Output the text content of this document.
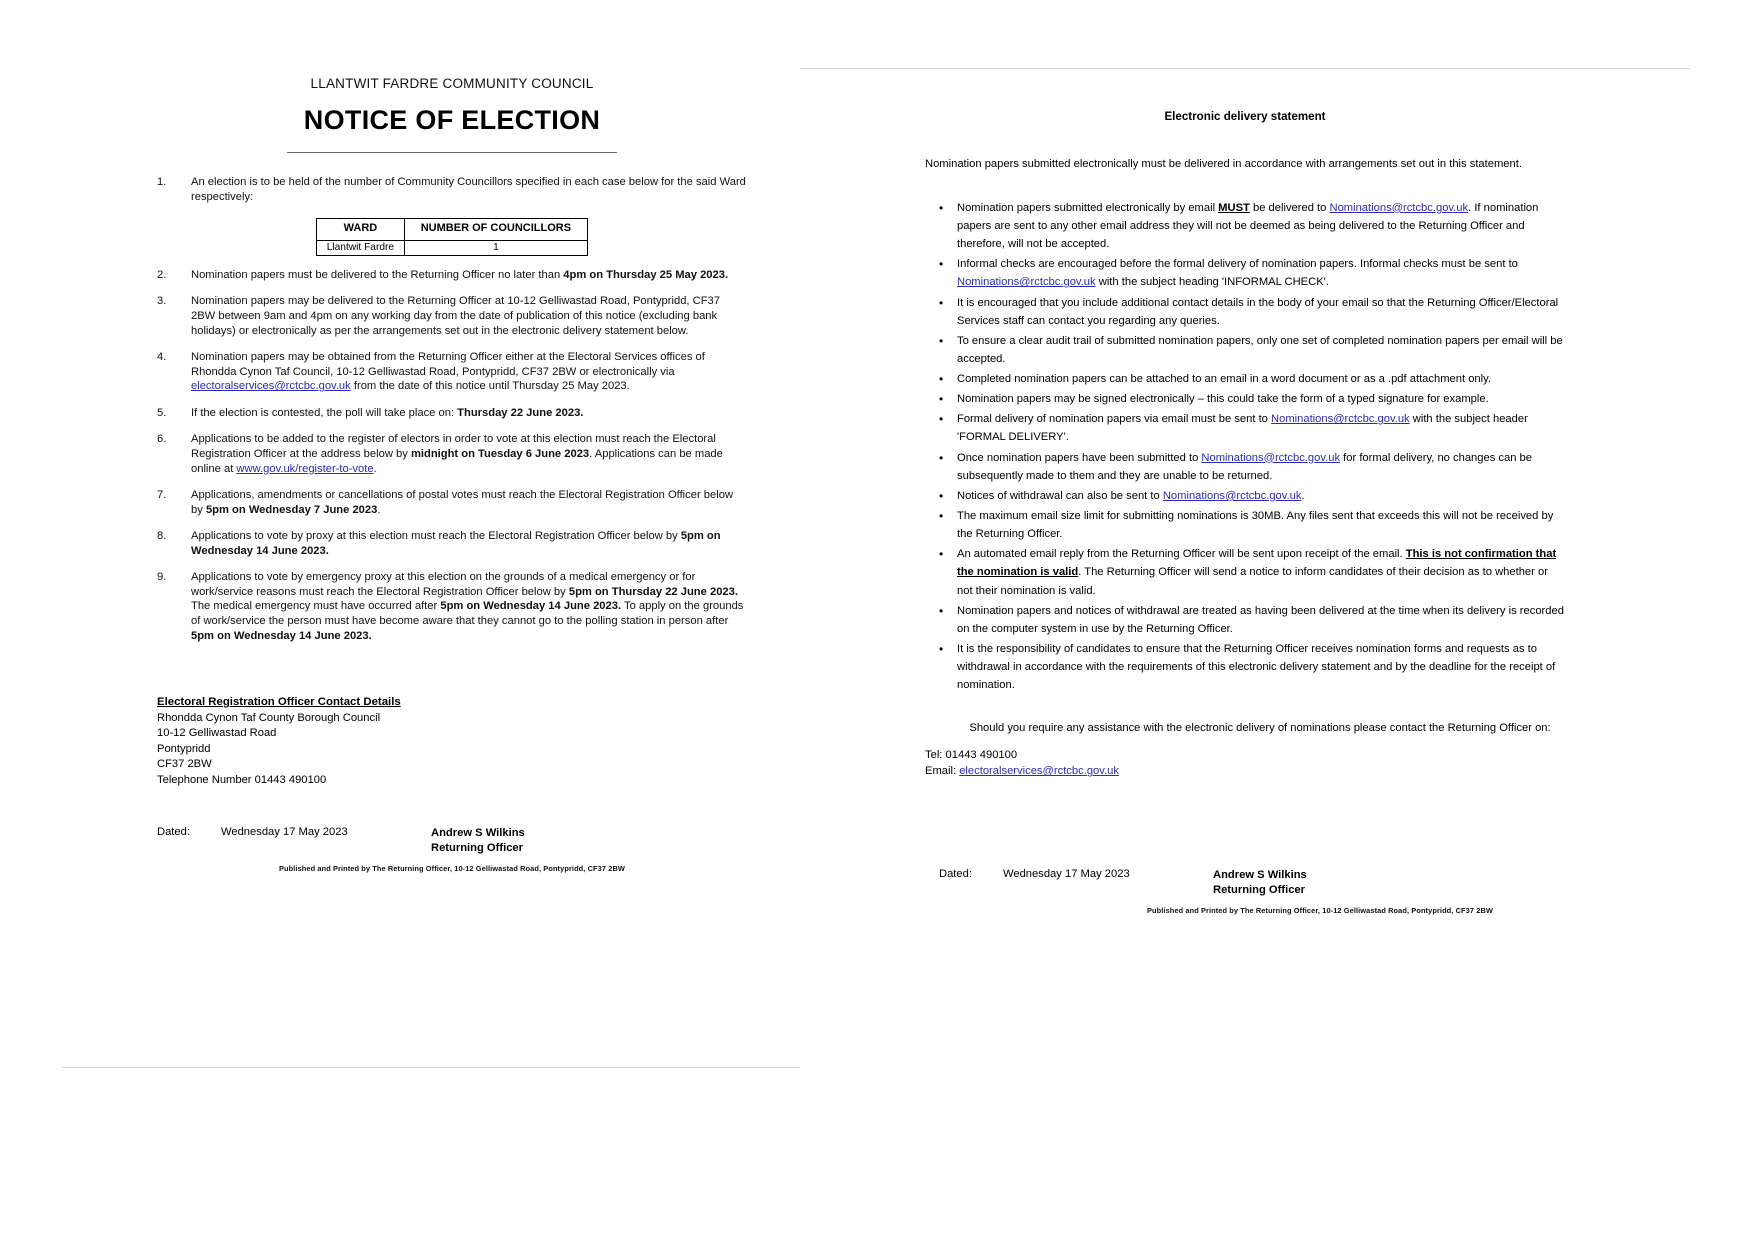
LLANTWIT FARDRE COMMUNITY COUNCIL
NOTICE OF ELECTION
1.	An election is to be held of the number of Community Councillors specified in each case below for the said Ward respectively:
WARD	NUMBER OF COUNCILLORS
Llantwit Fardre	1
2.	Nomination papers must be delivered to the Returning Officer no later than 4pm on Thursday 25 May 2023.
3.	Nomination papers may be delivered to the Returning Officer at 10-12 Gelliwastad Road, Pontypridd, CF37 2BW between 9am and 4pm on any working day from the date of publication of this notice (excluding bank holidays) or electronically as per the arrangements set out in the electronic delivery statement below.
4.	Nomination papers may be obtained from the Returning Officer either at the Electoral Services offices of Rhondda Cynon Taf Council, 10-12 Gelliwastad Road, Pontypridd, CF37 2BW or electronically via electoralservices@rctcbc.gov.uk from the date of this notice until Thursday 25 May 2023.
5.	If the election is contested, the poll will take place on: Thursday 22 June 2023.
6.	Applications to be added to the register of electors in order to vote at this election must reach the Electoral Registration Officer at the address below by midnight on Tuesday 6 June 2023. Applications can be made online at www.gov.uk/register-to-vote.
7.	Applications, amendments or cancellations of postal votes must reach the Electoral Registration Officer below by 5pm on Wednesday 7 June 2023.
8.	Applications to vote by proxy at this election must reach the Electoral Registration Officer below by 5pm on Wednesday 14 June 2023.
9.	Applications to vote by emergency proxy at this election on the grounds of a medical emergency or for work/service reasons must reach the Electoral Registration Officer below by 5pm on Thursday 22 June 2023. The medical emergency must have occurred after 5pm on Wednesday 14 June 2023. To apply on the grounds of work/service the person must have become aware that they cannot go to the polling station in person after 5pm on Wednesday 14 June 2023.
Electoral Registration Officer Contact Details
Rhondda Cynon Taf County Borough Council
10-12 Gelliwastad Road
Pontypridd
CF37 2BW
Telephone Number 01443 490100
Dated:	Wednesday 17 May 2023	Andrew S Wilkins
Returning Officer
Published and Printed by The Returning Officer, 10-12 Gelliwastad Road, Pontypridd, CF37 2BW
Electronic delivery statement
Nomination papers submitted electronically must be delivered in accordance with arrangements set out in this statement.
• Nomination papers submitted electronically by email MUST be delivered to Nominations@rctcbc.gov.uk. If nomination papers are sent to any other email address they will not be deemed as being delivered to the Returning Officer and therefore, will not be accepted.
• Informal checks are encouraged before the formal delivery of nomination papers. Informal checks must be sent to Nominations@rctcbc.gov.uk with the subject heading 'INFORMAL CHECK'.
• It is encouraged that you include additional contact details in the body of your email so that the Returning Officer/Electoral Services staff can contact you regarding any queries.
• To ensure a clear audit trail of submitted nomination papers, only one set of completed nomination papers per email will be accepted.
• Completed nomination papers can be attached to an email in a word document or as a .pdf attachment only.
• Nomination papers may be signed electronically – this could take the form of a typed signature for example.
• Formal delivery of nomination papers via email must be sent to Nominations@rctcbc.gov.uk with the subject header 'FORMAL DELIVERY'.
• Once nomination papers have been submitted to Nominations@rctcbc.gov.uk for formal delivery, no changes can be subsequently made to them and they are unable to be returned.
• Notices of withdrawal can also be sent to Nominations@rctcbc.gov.uk.
• The maximum email size limit for submitting nominations is 30MB. Any files sent that exceeds this will not be received by the Returning Officer.
• An automated email reply from the Returning Officer will be sent upon receipt of the email. This is not confirmation that the nomination is valid. The Returning Officer will send a notice to inform candidates of their decision as to whether or not their nomination is valid.
• Nomination papers and notices of withdrawal are treated as having been delivered at the time when its delivery is recorded on the computer system in use by the Returning Officer.
• It is the responsibility of candidates to ensure that the Returning Officer receives nomination forms and requests as to withdrawal in accordance with the requirements of this electronic delivery statement and by the deadline for the receipt of nomination.
Should you require any assistance with the electronic delivery of nominations please contact the Returning Officer on:
Tel: 01443 490100
Email: electoralservices@rctcbc.gov.uk
Dated:	Wednesday 17 May 2023	Andrew S Wilkins
Returning Officer
Published and Printed by The Returning Officer, 10-12 Gelliwastad Road, Pontypridd, CF37 2BW
